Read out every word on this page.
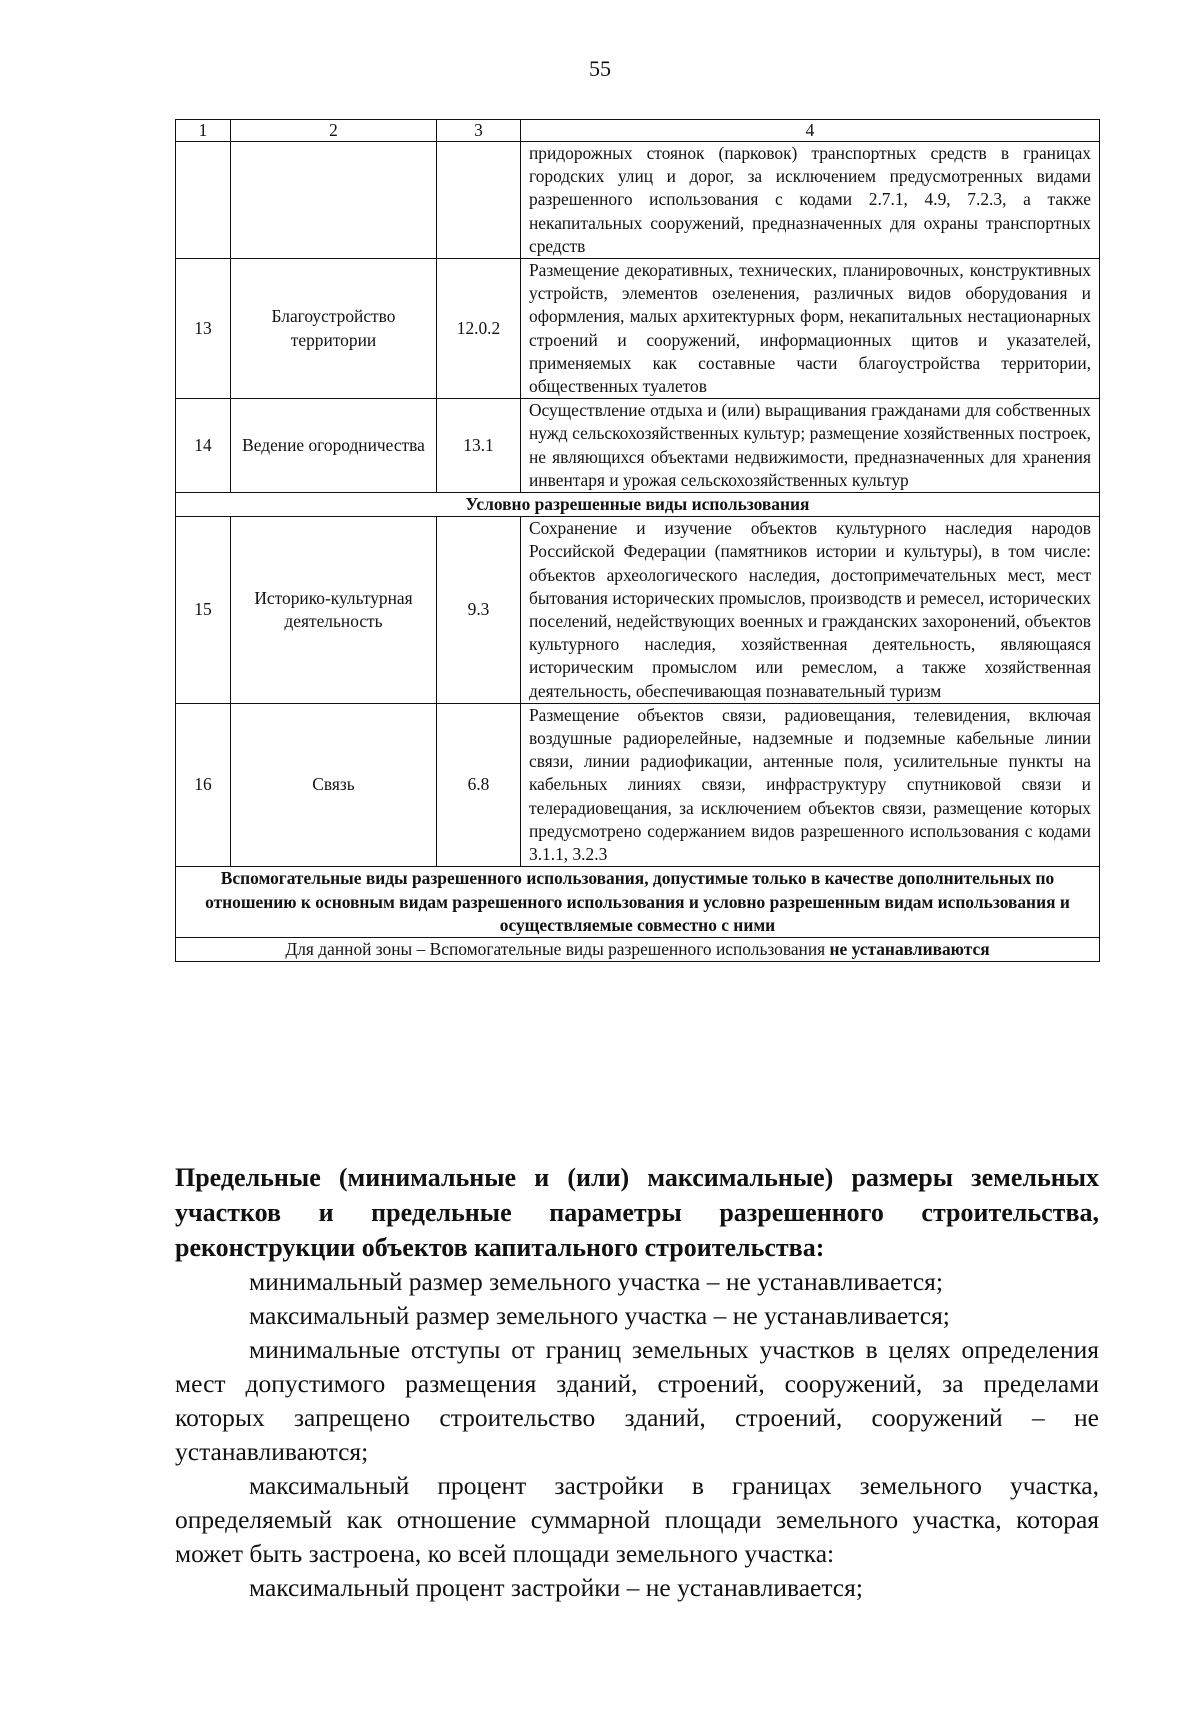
55
1	2	3	4
			придорожных стоянок (парковок) транспортных средств в границах городских улиц и дорог, за исключением предусмотренных видами разрешенного использования с кодами 2.7.1, 4.9, 7.2.3, а также некапитальных сооружений, предназначенных для охраны транспортных средств
13	Благоустройство территории	12.0.2	Размещение декоративных, технических, планировочных, конструктивных устройств, элементов озеленения, различных видов оборудования и оформления, малых архитектурных форм, некапитальных нестационарных строений и сооружений, информационных щитов и указателей, применяемых как составные части благоустройства территории, общественных туалетов
14	Ведение огородничества	13.1	Осуществление отдыха и (или) выращивания гражданами для собственных нужд сельскохозяйственных культур; размещение хозяйственных построек, не являющихся объектами недвижимости, предназначенных для хранения инвентаря и урожая сельскохозяйственных культур
Условно разрешенные виды использования			
15	Историко-культурная деятельность	9.3	Сохранение и изучение объектов культурного наследия народов Российской Федерации (памятников истории и культуры), в том числе: объектов археологического наследия, достопримечательных мест, мест бытования исторических промыслов, производств и ремесел, исторических поселений, недействующих военных и гражданских захоронений, объектов культурного наследия, хозяйственная деятельность, являющаяся историческим промыслом или ремеслом, а также хозяйственная деятельность, обеспечивающая познавательный туризм
16	Связь	6.8	Размещение объектов связи, радиовещания, телевидения, включая воздушные радиорелейные, надземные и подземные кабельные линии связи, линии радиофикации, антенные поля, усилительные пункты на кабельных линиях связи, инфраструктуру спутниковой связи и телерадиовещания, за исключением объектов связи, размещение которых предусмотрено содержанием видов разрешенного использования с кодами 3.1.1, 3.2.3
Вспомогательные виды разрешенного использования, допустимые только в качестве дополнительных по отношению к основным видам разрешенного использования и условно разрешенным видам использования и осуществляемые совместно с ними			
Для данной зоны – Вспомогательные виды разрешенного использования не устанавливаются			
Предельные (минимальные и (или) максимальные) размеры земельных участков и предельные параметры разрешенного строительства, реконструкции объектов капитального строительства:

минимальный размер земельного участка – не устанавливается;

максимальный размер земельного участка – не устанавливается;

минимальные отступы от границ земельных участков в целях определения мест допустимого размещения зданий, строений, сооружений, за пределами которых запрещено строительство зданий, строений, сооружений – не устанавливаются;

максимальный процент застройки в границах земельного участка, определяемый как отношение суммарной площади земельного участка, которая может быть застроена, ко всей площади земельного участка:

максимальный процент застройки – не устанавливается;
